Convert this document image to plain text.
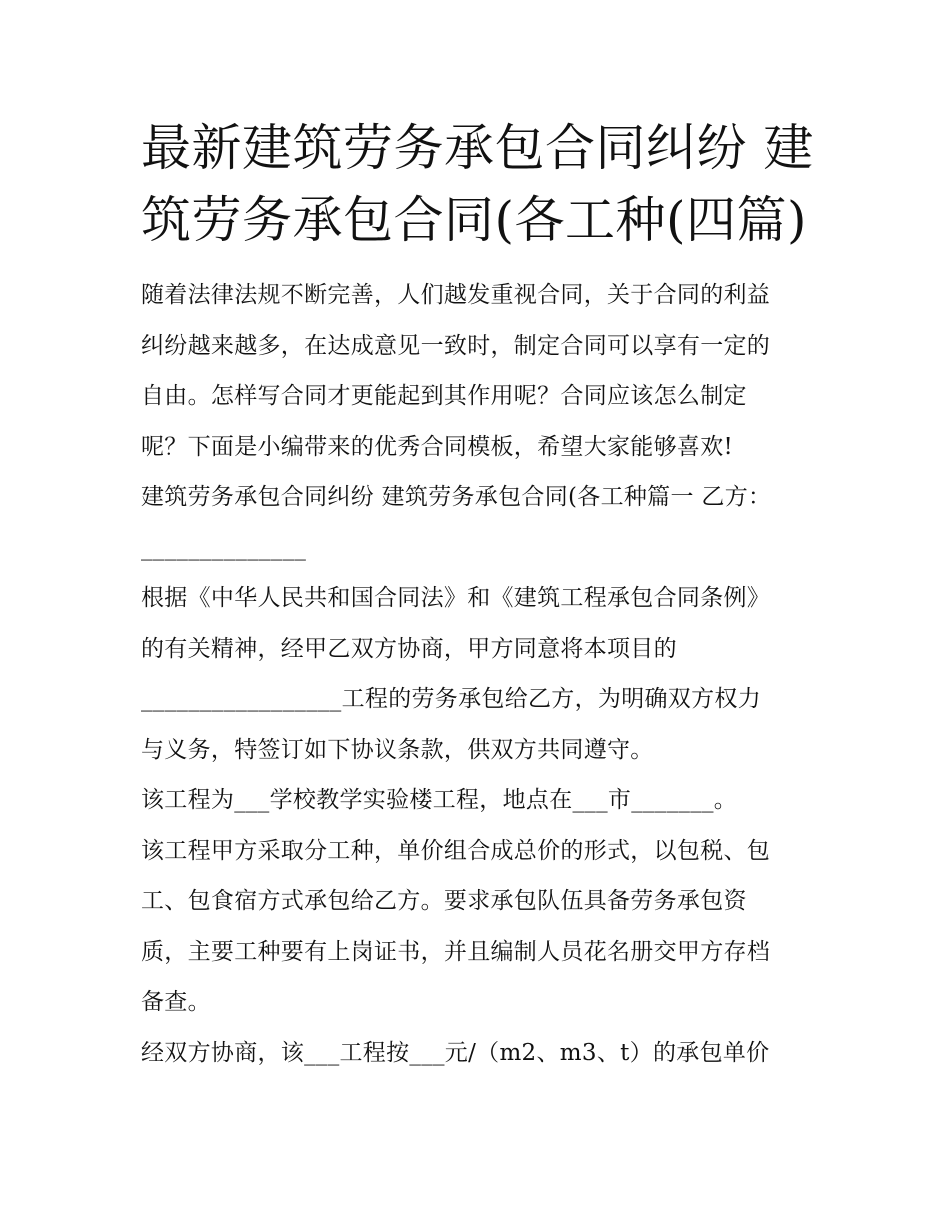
最新建筑劳务承包合同纠纷 建
筑劳务承包合同(各工种(四篇)
随着法律法规不断完善，人们越发重视合同，关于合同的利益
纠纷越来越多，在达成意见一致时，制定合同可以享有一定的
自由。怎样写合同才更能起到其作用呢？合同应该怎么制定
呢？下面是小编带来的优秀合同模板，希望大家能够喜欢!
建筑劳务承包合同纠纷 建筑劳务承包合同(各工种篇一 乙方：
______________
根据《中华人民共和国合同法》和《建筑工程承包合同条例》
的有关精神，经甲乙双方协商，甲方同意将本项目的
_________________工程的劳务承包给乙方，为明确双方权力
与义务，特签订如下协议条款，供双方共同遵守。
该工程为___学校教学实验楼工程，地点在___市_______。
该工程甲方采取分工种，单价组合成总价的形式，以包税、包
工、包食宿方式承包给乙方。要求承包队伍具备劳务承包资
质，主要工种要有上岗证书，并且编制人员花名册交甲方存档
备查。
经双方协商，该___工程按___元/（m2、m3、t）的承包单价
